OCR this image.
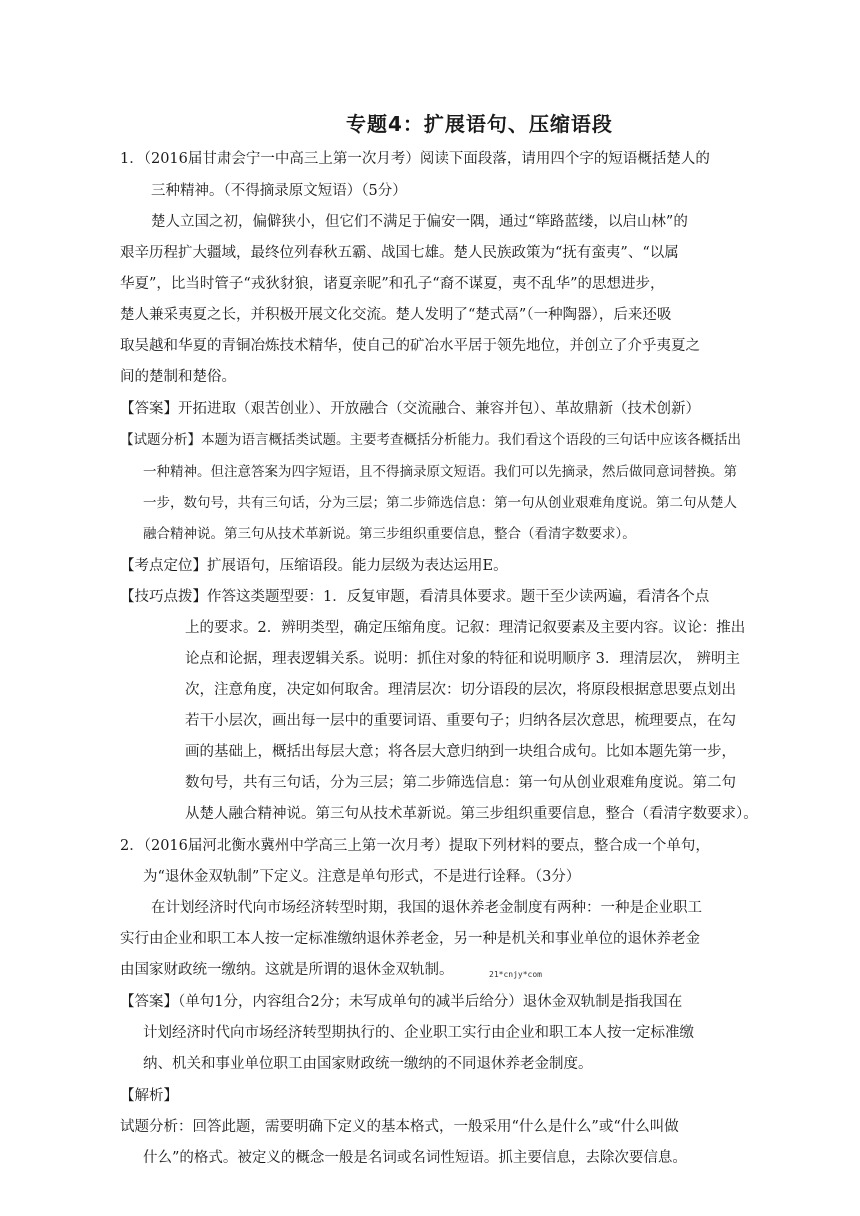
专题4：扩展语句、压缩语段
1．（2016届甘肃会宁一中高三上第一次月考）阅读下面段落，请用四个字的短语概括楚人的
三种精神。（不得摘录原文短语）（5分）
楚人立国之初，偏僻狭小，但它们不满足于偏安一隅，通过“筚路蓝缕，以启山林”的
艰辛历程扩大疆域，最终位列春秋五霸、战国七雄。楚人民族政策为“抚有蛮夷”、“以属
华夏”，比当时管子“戎狄豺狼，诸夏亲昵”和孔子“裔不谋夏，夷不乱华”的思想进步，
楚人兼采夷夏之长，并积极开展文化交流。楚人发明了“楚式鬲”（一种陶器），后来还吸
取吴越和华夏的青铜冶炼技术精华，使自己的矿冶水平居于领先地位，并创立了介乎夷夏之
间的楚制和楚俗。
【答案】开拓进取（艰苦创业）、开放融合（交流融合、兼容并包）、革故鼎新（技术创新）
【试题分析】本题为语言概括类试题。主要考查概括分析能力。我们看这个语段的三句话中应该各概括出
一种精神。但注意答案为四字短语，且不得摘录原文短语。我们可以先摘录，然后做同意词替换。第
一步，数句号，共有三句话，分为三层；第二步筛选信息：第一句从创业艰难角度说。第二句从楚人
融合精神说。第三句从技术革新说。第三步组织重要信息，整合（看清字数要求）。
【考点定位】扩展语句，压缩语段。能力层级为表达运用E。
【技巧点拨】作答这类题型要：1．反复审题，看清具体要求。题干至少读两遍，看清各个点
上的要求。2．辨明类型，确定压缩角度。记叙：理清记叙要素及主要内容。议论：推出
论点和论据，理表逻辑关系。说明：抓住对象的特征和说明顺序 3．理清层次， 辨明主
次，注意角度，决定如何取舍。理清层次：切分语段的层次，将原段根据意思要点划出
若干小层次，画出每一层中的重要词语、重要句子；归纳各层次意思，梳理要点，在勾
画的基础上，概括出每层大意；将各层大意归纳到一块组合成句。比如本题先第一步，
数句号，共有三句话，分为三层；第二步筛选信息：第一句从创业艰难角度说。第二句
从楚人融合精神说。第三句从技术革新说。第三步组织重要信息，整合（看清字数要求）。
2．（2016届河北衡水冀州中学高三上第一次月考）提取下列材料的要点，整合成一个单句，
为“退休金双轨制”下定义。注意是单句形式，不是进行诠释。（3分）
在计划经济时代向市场经济转型时期，我国的退休养老金制度有两种：一种是企业职工
实行由企业和职工本人按一定标准缴纳退休养老金，另一种是机关和事业单位的退休养老金
由国家财政统一缴纳。这就是所谓的退休金双轨制。
【答案】（单句1分，内容组合2分；未写成单句的减半后给分）退休金双轨制是指我国在
计划经济时代向市场经济转型期执行的、企业职工实行由企业和职工本人按一定标准缴
纳、机关和事业单位职工由国家财政统一缴纳的不同退休养老金制度。
【解析】
试题分析：回答此题，需要明确下定义的基本格式，一般采用“什么是什么”或“什么叫做
什么”的格式。被定义的概念一般是名词或名词性短语。抓主要信息，去除次要信息。
21*cnjy*com
